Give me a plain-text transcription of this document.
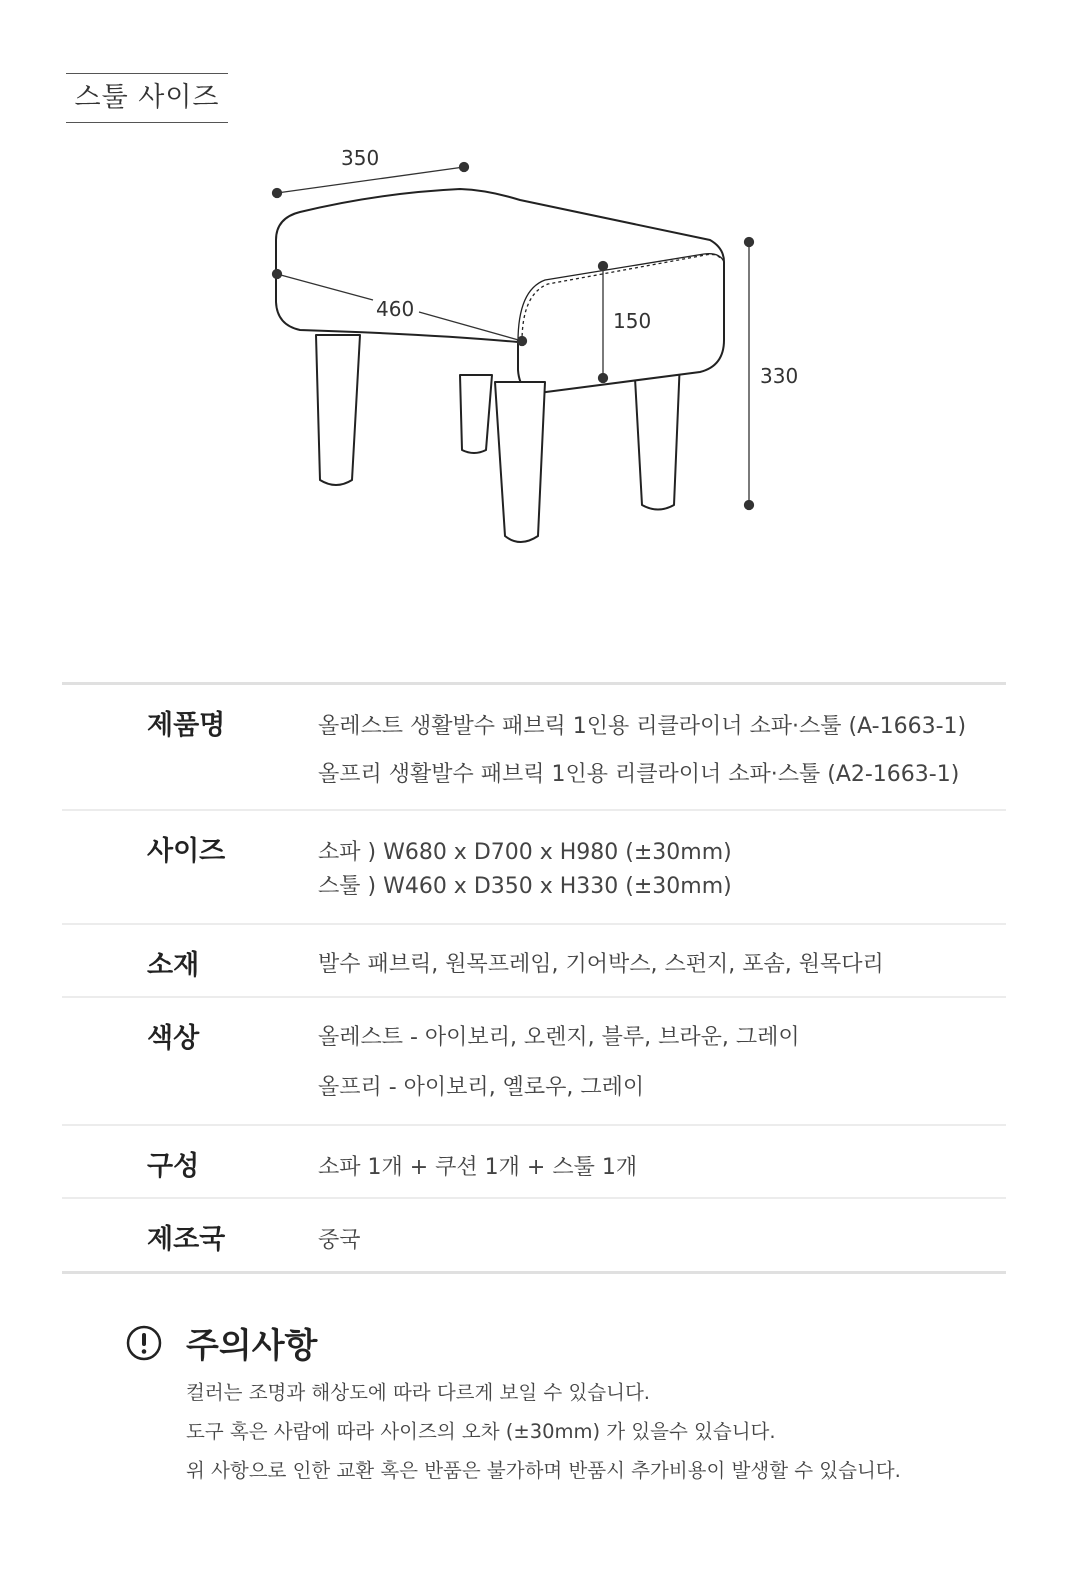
스툴 사이즈
350
460	150
330
제품명	올레스트 생활발수 패브릭 1인용 리클라이너 소파·스툴 (A-1663-1)
올프리 생활발수 패브릭 1인용 리클라이너 소파·스툴 (A2-1663-1)
사이즈	소파 ) W680 x D700 x H980 (±30mm)
스툴 ) W460 x D350 x H330 (±30mm)
소재	발수 패브릭, 원목프레임, 기어박스, 스펀지, 포솜, 원목다리
색상	올레스트 - 아이보리, 오렌지, 블루, 브라운, 그레이
올프리 - 아이보리, 옐로우, 그레이
구성	소파 1개 + 쿠션 1개 + 스툴 1개
제조국	중국
주의사항
컬러는 조명과 해상도에 따라 다르게 보일 수 있습니다.
도구 혹은 사람에 따라 사이즈의 오차 (±30mm) 가 있을수 있습니다.
위 사항으로 인한 교환 혹은 반품은 불가하며 반품시 추가비용이 발생할 수 있습니다.
